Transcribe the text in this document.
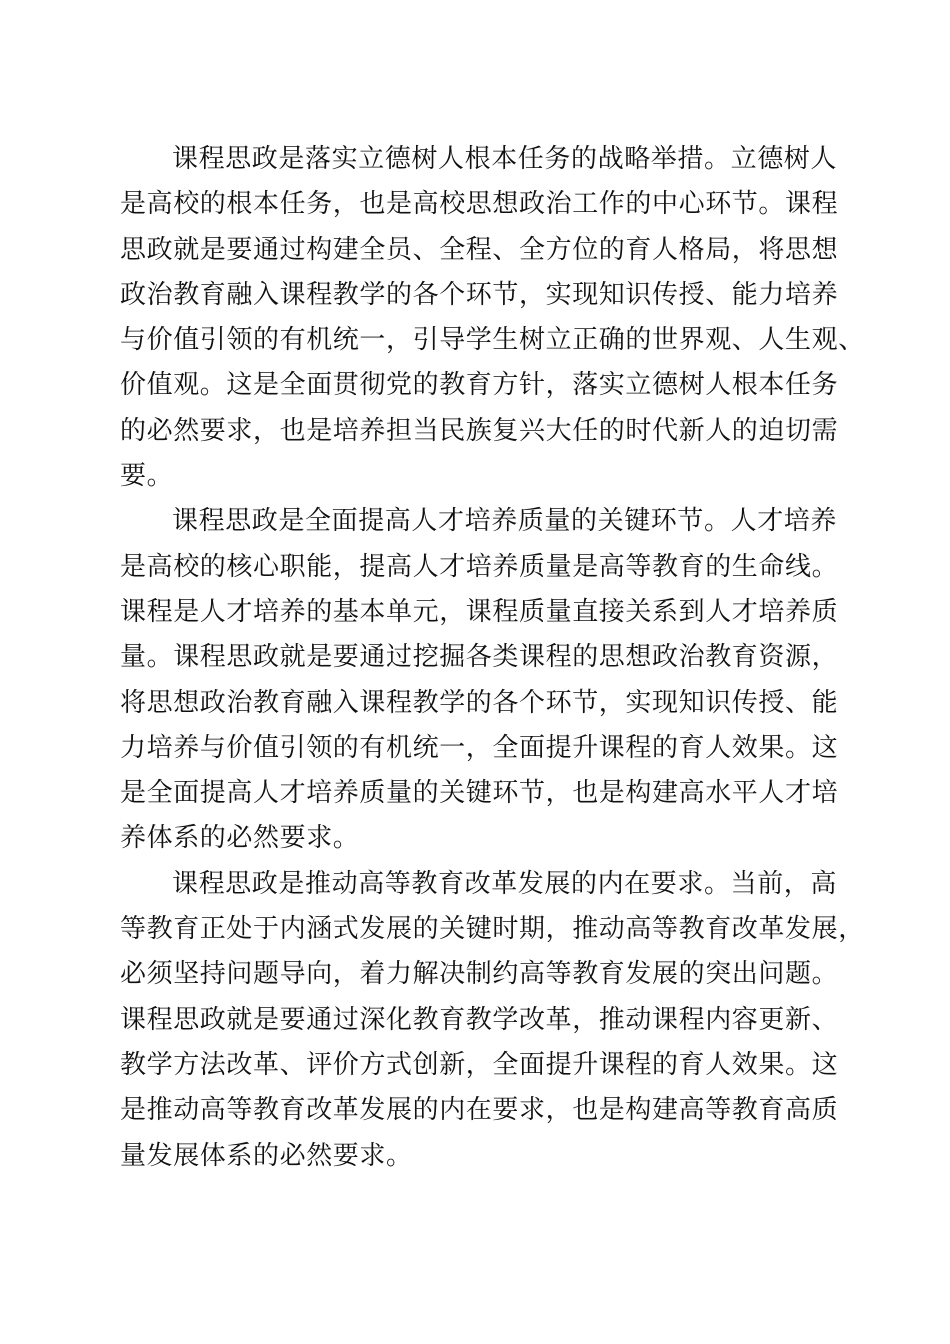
课程思政是落实立德树人根本任务的战略举措。立德树人
是高校的根本任务，也是高校思想政治工作的中心环节。课程
思政就是要通过构建全员、全程、全方位的育人格局，将思想
政治教育融入课程教学的各个环节，实现知识传授、能力培养
与价值引领的有机统一，引导学生树立正确的世界观、人生观、
价值观。这是全面贯彻党的教育方针，落实立德树人根本任务
的必然要求，也是培养担当民族复兴大任的时代新人的迫切需
要。
课程思政是全面提高人才培养质量的关键环节。人才培养
是高校的核心职能，提高人才培养质量是高等教育的生命线。
课程是人才培养的基本单元，课程质量直接关系到人才培养质
量。课程思政就是要通过挖掘各类课程的思想政治教育资源，
将思想政治教育融入课程教学的各个环节，实现知识传授、能
力培养与价值引领的有机统一，全面提升课程的育人效果。这
是全面提高人才培养质量的关键环节，也是构建高水平人才培
养体系的必然要求。
课程思政是推动高等教育改革发展的内在要求。当前，高
等教育正处于内涵式发展的关键时期，推动高等教育改革发展，
必须坚持问题导向，着力解决制约高等教育发展的突出问题。
课程思政就是要通过深化教育教学改革，推动课程内容更新、
教学方法改革、评价方式创新，全面提升课程的育人效果。这
是推动高等教育改革发展的内在要求，也是构建高等教育高质
量发展体系的必然要求。
